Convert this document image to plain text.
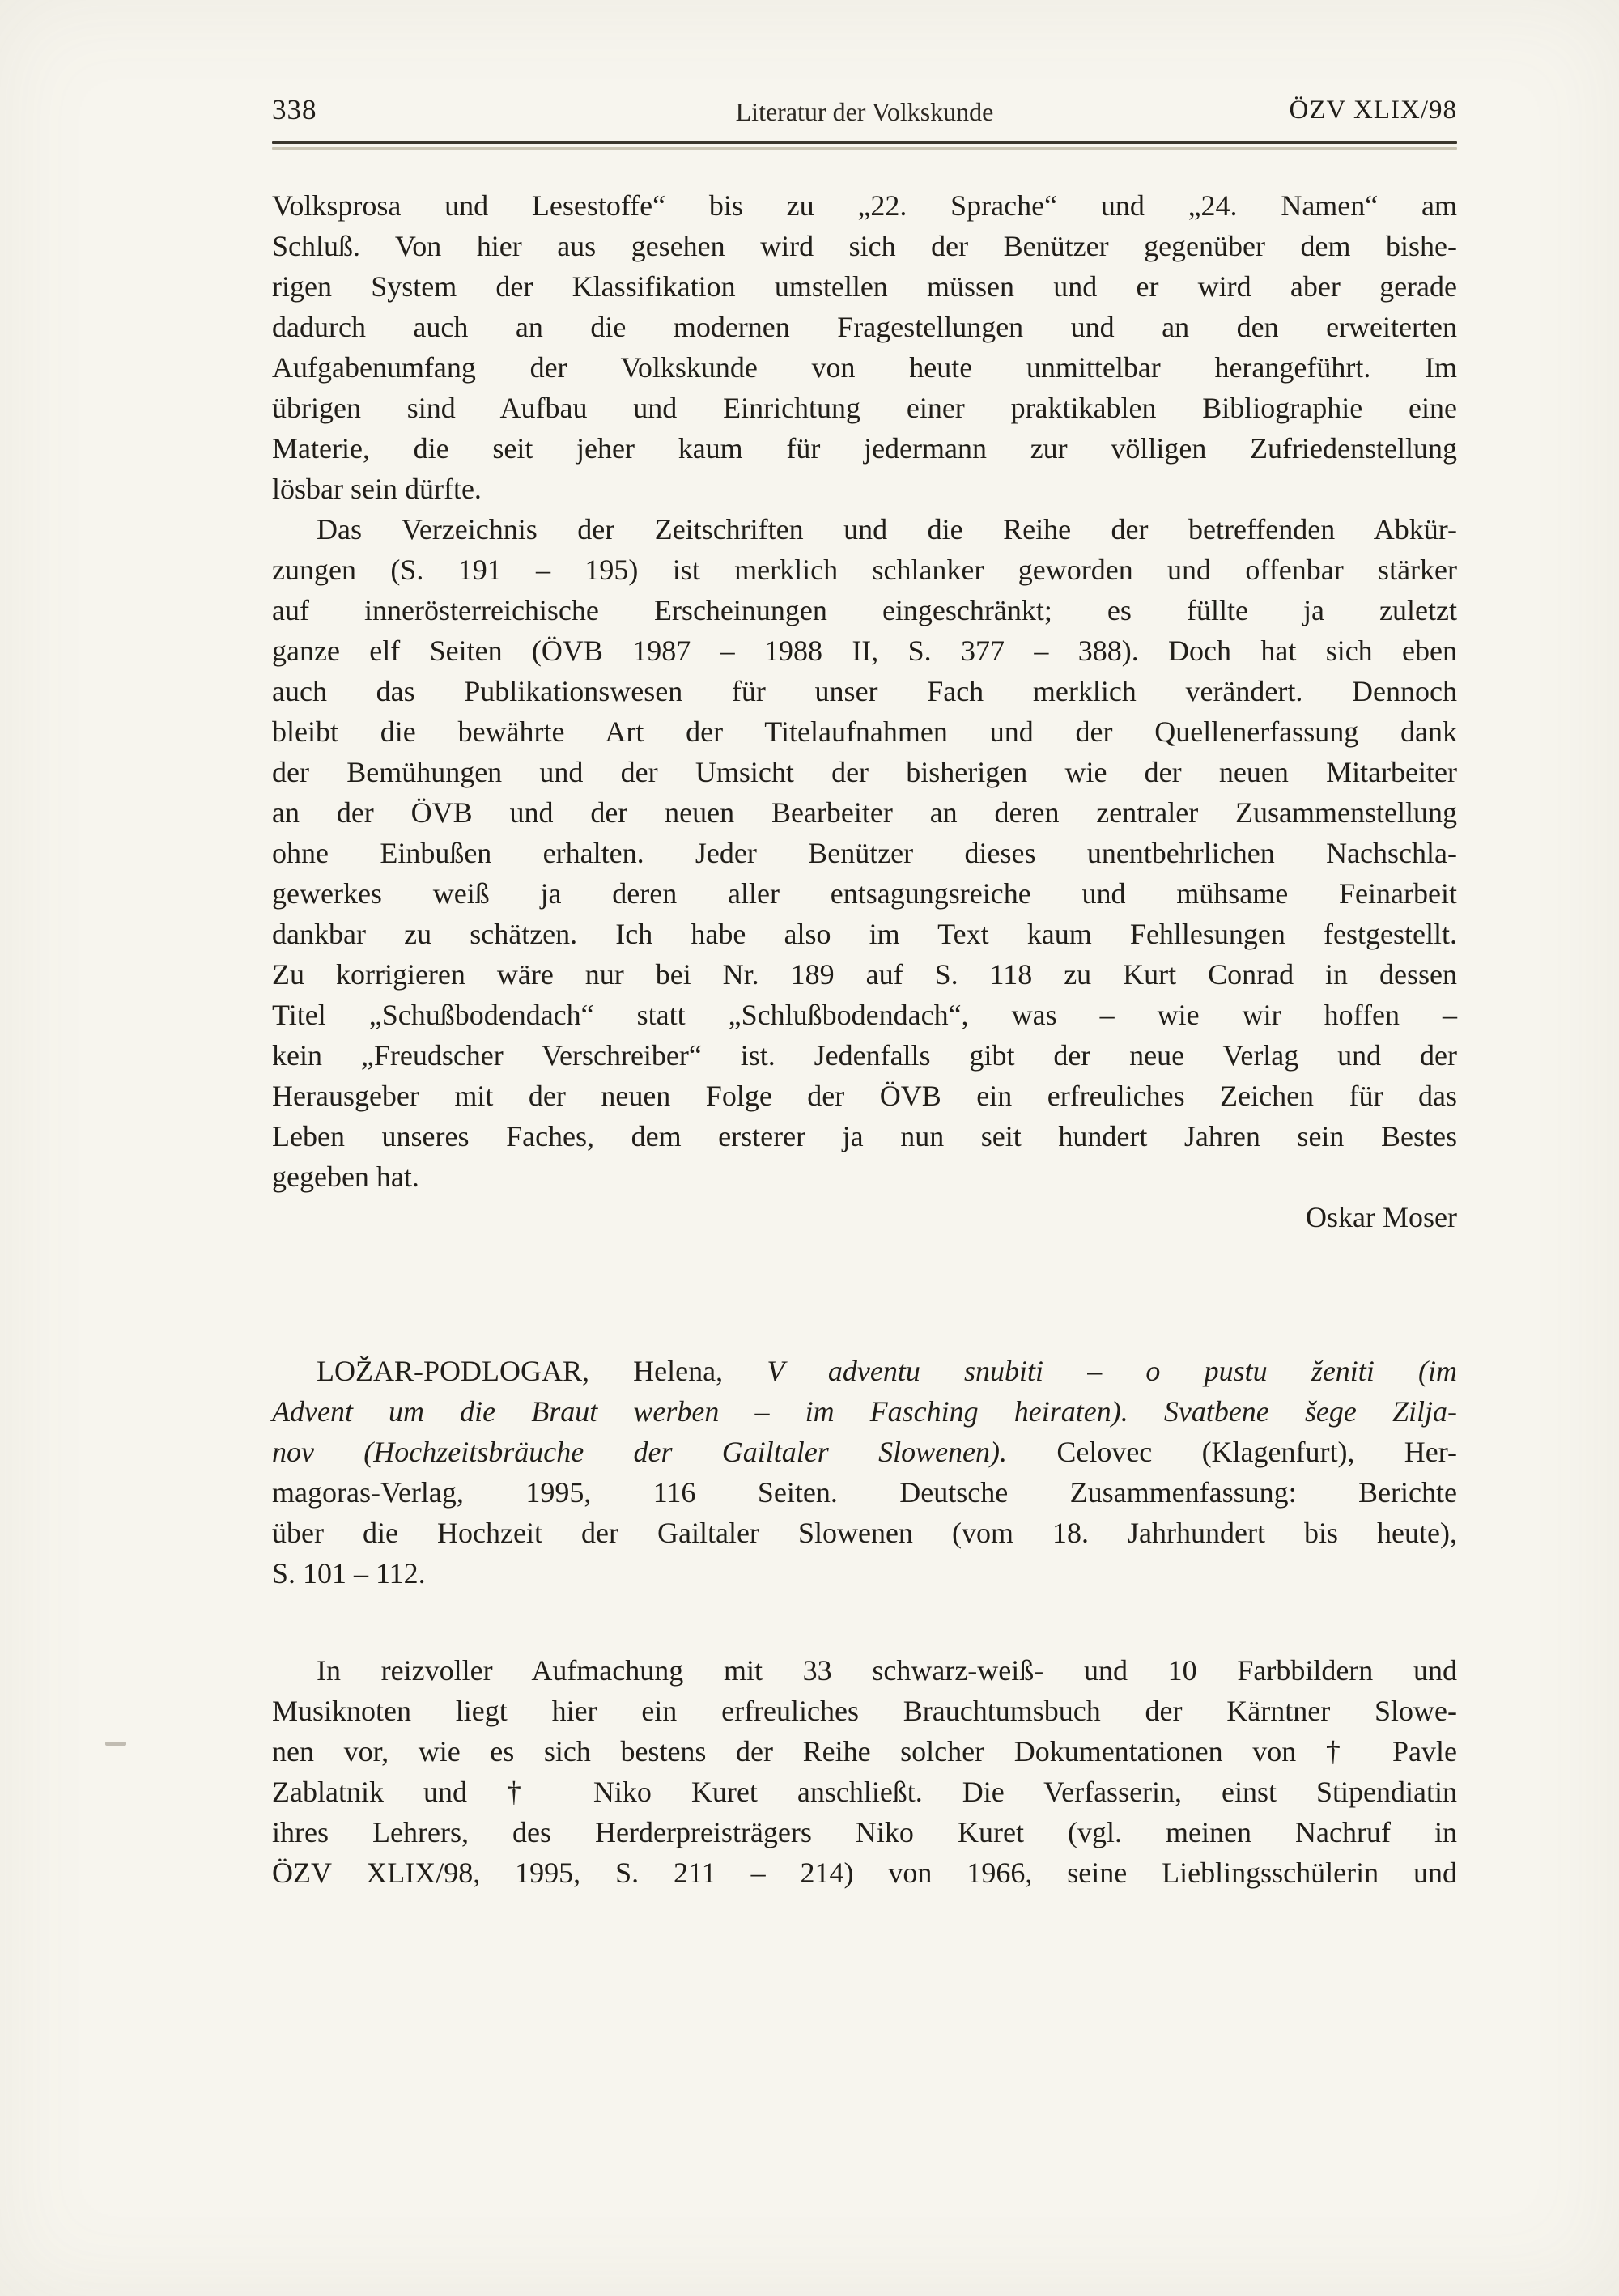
338	Literatur der Volkskunde	ÖZV XLIX/98
Volksprosa und Lesestoffe“ bis zu „22. Sprache“ und „24. Namen“ am
Schluß. Von hier aus gesehen wird sich der Benützer gegenüber dem bishe-
rigen System der Klassifikation umstellen müssen und er wird aber gerade
dadurch auch an die modernen Fragestellungen und an den erweiterten
Aufgabenumfang der Volkskunde von heute unmittelbar herangeführt. Im
übrigen sind Aufbau und Einrichtung einer praktikablen Bibliographie eine
Materie, die seit jeher kaum für jedermann zur völligen Zufriedenstellung
lösbar sein dürfte.
Das Verzeichnis der Zeitschriften und die Reihe der betreffenden Abkür-
zungen (S. 191 – 195) ist merklich schlanker geworden und offenbar stärker
auf innerösterreichische Erscheinungen eingeschränkt; es füllte ja zuletzt
ganze elf Seiten (ÖVB 1987 – 1988 II, S. 377 – 388). Doch hat sich eben
auch das Publikationswesen für unser Fach merklich verändert. Dennoch
bleibt die bewährte Art der Titelaufnahmen und der Quellenerfassung dank
der Bemühungen und der Umsicht der bisherigen wie der neuen Mitarbeiter
an der ÖVB und der neuen Bearbeiter an deren zentraler Zusammenstellung
ohne Einbußen erhalten. Jeder Benützer dieses unentbehrlichen Nachschla-
gewerkes weiß ja deren aller entsagungsreiche und mühsame Feinarbeit
dankbar zu schätzen. Ich habe also im Text kaum Fehllesungen festgestellt.
Zu korrigieren wäre nur bei Nr. 189 auf S. 118 zu Kurt Conrad in dessen
Titel „Schußbodendach“ statt „Schlußbodendach“, was – wie wir hoffen –
kein „Freudscher Verschreiber“ ist. Jedenfalls gibt der neue Verlag und der
Herausgeber mit der neuen Folge der ÖVB ein erfreuliches Zeichen für das
Leben unseres Faches, dem ersterer ja nun seit hundert Jahren sein Bestes
gegeben hat.
Oskar Moser
LOŽAR-PODLOGAR, Helena, V adventu snubiti – o pustu ženiti (im
Advent um die Braut werben – im Fasching heiraten). Svatbene šege Zilja-
nov (Hochzeitsbräuche der Gailtaler Slowenen). Celovec (Klagenfurt), Her-
magoras-Verlag, 1995, 116 Seiten. Deutsche Zusammenfassung: Berichte
über die Hochzeit der Gailtaler Slowenen (vom 18. Jahrhundert bis heute),
S. 101 – 112.
In reizvoller Aufmachung mit 33 schwarz-weiß- und 10 Farbbildern und
Musiknoten liegt hier ein erfreuliches Brauchtumsbuch der Kärntner Slowe-
nen vor, wie es sich bestens der Reihe solcher Dokumentationen von † Pavle
Zablatnik und † Niko Kuret anschließt. Die Verfasserin, einst Stipendiatin
ihres Lehrers, des Herderpreisträgers Niko Kuret (vgl. meinen Nachruf in
ÖZV XLIX/98, 1995, S. 211 – 214) von 1966, seine Lieblingsschülerin und
